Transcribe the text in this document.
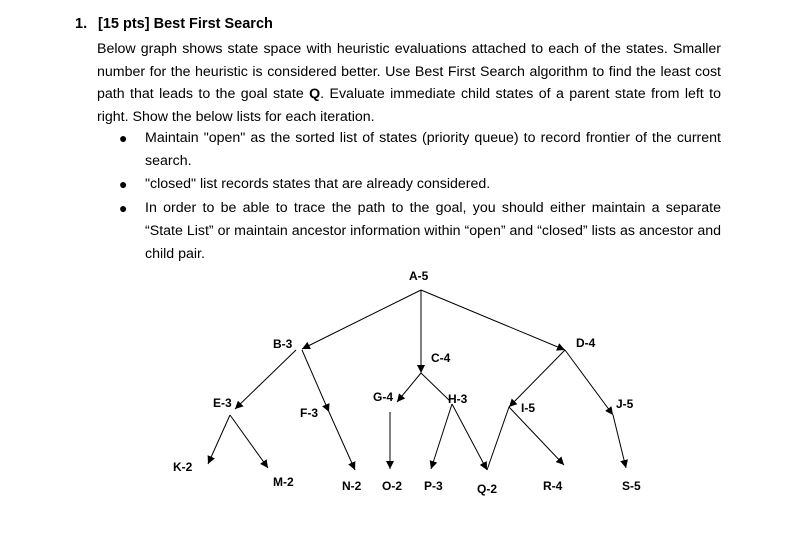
1. [15 pts] Best First Search
Below graph shows state space with heuristic evaluations attached to each of the states. Smaller number for the heuristic is considered better. Use Best First Search algorithm to find the least cost path that leads to the goal state Q. Evaluate immediate child states of a parent state from left to right. Show the below lists for each iteration.
● Maintain "open" as the sorted list of states (priority queue) to record frontier of the current search.
● "closed" list records states that are already considered.
● In order to be able to trace the path to the goal, you should either maintain a separate “State List” or maintain ancestor information within “open” and “closed” lists as ancestor and child pair.
A-5
B-3
C-4
D-4
E-3
F-3
G-4	H-3
I-5	J-5
K-2
M-2	N-2 O-2 P-3	Q-2	R-4	S-5
